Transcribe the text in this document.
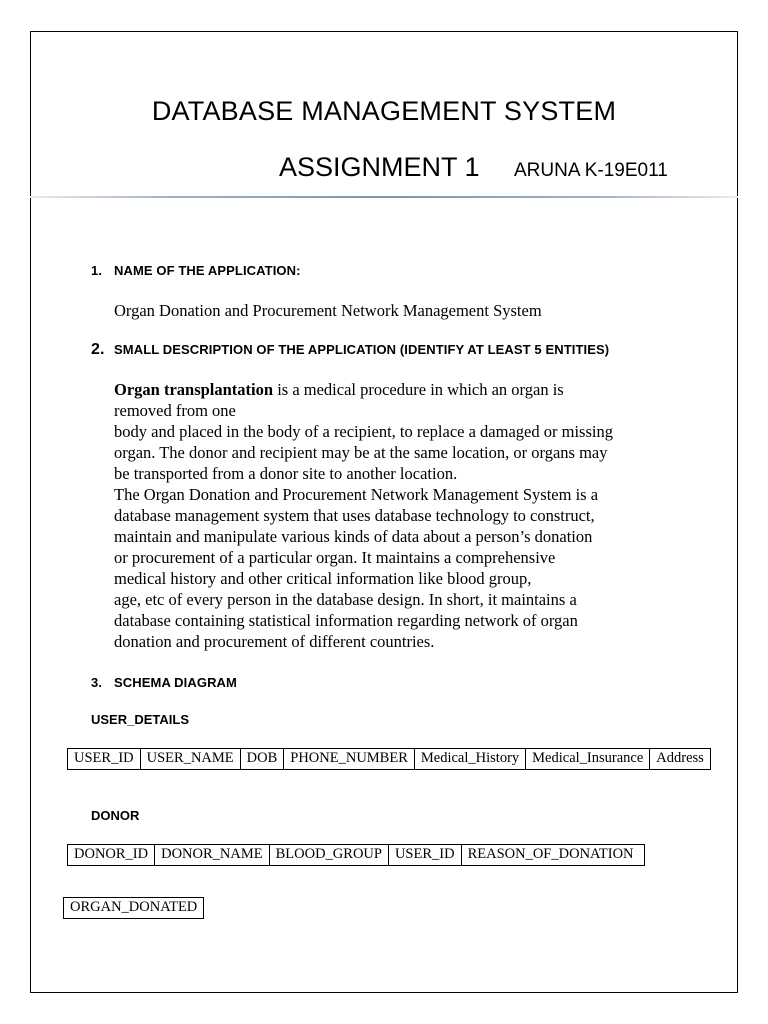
DATABASE MANAGEMENT SYSTEM
ASSIGNMENT 1 ARUNA K-19E011
1. NAME OF THE APPLICATION:
Organ Donation and Procurement Network Management System
2. SMALL DESCRIPTION OF THE APPLICATION (IDENTIFY AT LEAST 5 ENTITIES)
Organ transplantation is a medical procedure in which an organ is
removed from one
body and placed in the body of a recipient, to replace a damaged or missing
organ. The donor and recipient may be at the same location, or organs may
be transported from a donor site to another location.
The Organ Donation and Procurement Network Management System is a
database management system that uses database technology to construct,
maintain and manipulate various kinds of data about a person’s donation
or procurement of a particular organ. It maintains a comprehensive
medical history and other critical information like blood group,
age, etc of every person in the database design. In short, it maintains a
database containing statistical information regarding network of organ
donation and procurement of different countries.
3. SCHEMA DIAGRAM
USER_DETAILS
USER_ID	USER_NAME	DOB	PHONE_NUMBER	Medical_History	Medical_Insurance	Address
DONOR
DONOR_ID	DONOR_NAME	BLOOD_GROUP	USER_ID	REASON_OF_DONATION
ORGAN_DONATED
